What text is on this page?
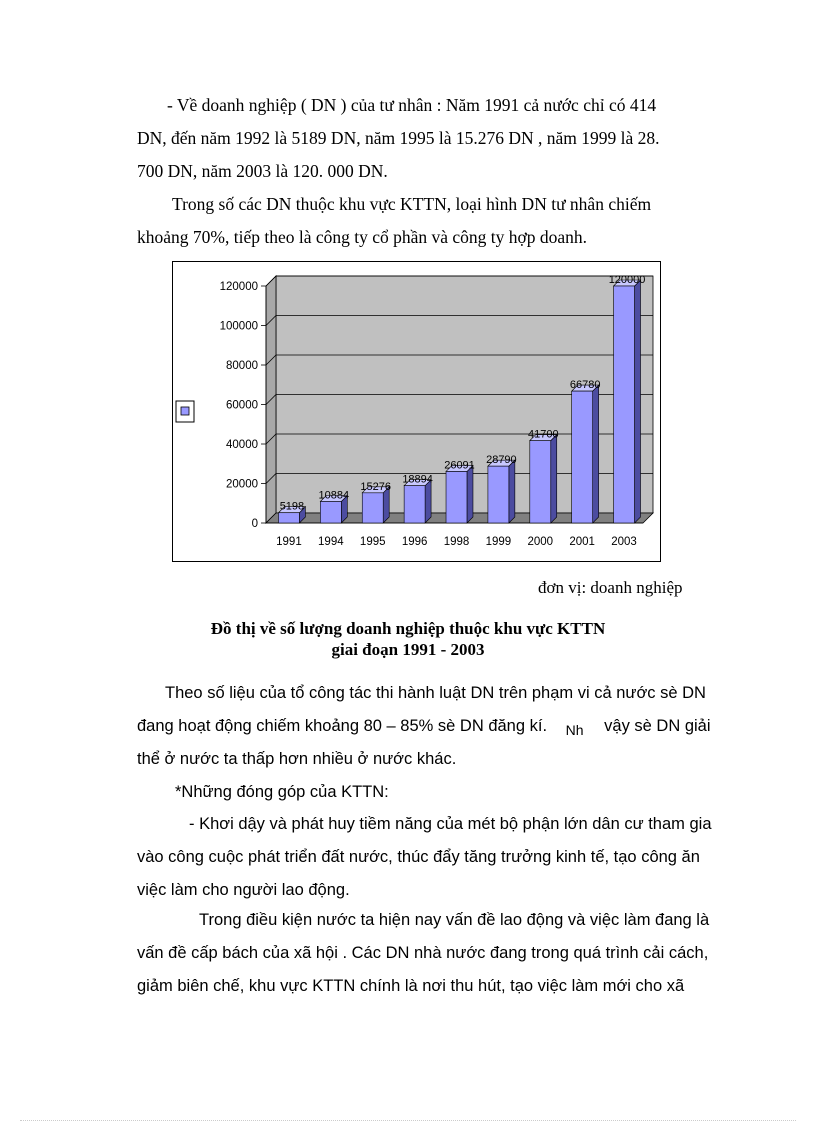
- Về doanh nghiệp ( DN ) của tư nhân : Năm 1991 cả nước chỉ có 414
DN, đến năm 1992 là 5189 DN, năm 1995 là 15.276 DN , năm 1999 là 28.
700 DN, năm 2003 là 120. 000 DN.
Trong số các DN thuộc khu vực KTTN, loại hình DN tư nhân chiếm
khoảng 70%, tiếp theo là công ty cổ phần và công ty hợp doanh.
0
20000
40000
60000
80000
100000
120000
5198
1991
10884
1994
15276
1995
18894
1996
26091
1998
28790
1999
41700
2000
66780
2001
120000
2003
đơn vị: doanh nghiệp
Đồ thị về số lượng doanh nghiệp thuộc khu vực KTTN
giai đoạn 1991 - 2003
Theo số liệu của tổ công tác thi hành luật DN trên phạm vi cả nước sè DN
đang hoạt động chiếm khoảng 80 – 85% sè DN đăng kí. $_{Nh}$ vậy sè DN giải
thể ở nước ta thấp hơn nhiều ở nước khác.
*Những đóng góp của KTTN:
- Khơi dậy và phát huy tiềm năng của mét bộ phận lớn dân cư tham gia
vào công cuộc phát triển đất nước, thúc đẩy tăng trưởng kinh tế, tạo công ăn
việc làm cho người lao động.
Trong điều kiện nước ta hiện nay vấn đề lao động và việc làm đang là
vấn đề cấp bách của xã hội . Các DN nhà nước đang trong quá trình cải cách,
giảm biên chế, khu vực KTTN chính là nơi thu hút, tạo việc làm mới cho xã
